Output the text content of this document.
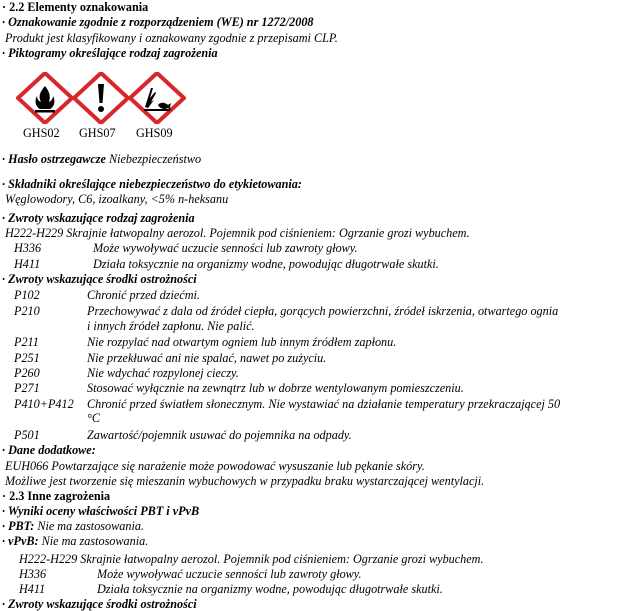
· 2.2 Elementy oznakowania
· Oznakowanie zgodnie z rozporządzeniem (WE) nr 1272/2008
Produkt jest klasyfikowany i oznakowany zgodnie z przepisami CLP.
· Piktogramy określające rodzaj zagrożenia
GHS02 GHS07 GHS09
· Hasło ostrzegawcze Niebezpieczeństwo
· Składniki określające niebezpieczeństwo do etykietowania:
Węglowodory, C6, izoalkany, <5% n-heksanu
· Zwroty wskazujące rodzaj zagrożenia
H222-H229 Skrajnie łatwopalny aerozol. Pojemnik pod ciśnieniem: Ogrzanie grozi wybuchem.
H336	Może wywoływać uczucie senności lub zawroty głowy.
H411	Działa toksycznie na organizmy wodne, powodując długotrwałe skutki.
· Zwroty wskazujące środki ostrożności
P102	Chronić przed dziećmi.
P210	Przechowywać z dala od źródeł ciepła, gorących powierzchni, źródeł iskrzenia, otwartego ognia
i innych źródeł zapłonu. Nie palić.
P211	Nie rozpylać nad otwartym ogniem lub innym źródłem zapłonu.
P251	Nie przekłuwać ani nie spalać, nawet po zużyciu.
P260	Nie wdychać rozpylonej cieczy.
P271	Stosować wyłącznie na zewnątrz lub w dobrze wentylowanym pomieszczeniu.
P410+P412 Chronić przed światłem słonecznym. Nie wystawiać na działanie temperatury przekraczającej 50
°C
P501	Zawartość/pojemnik usuwać do pojemnika na odpady.
· Dane dodatkowe:
EUH066 Powtarzające się narażenie może powodować wysuszanie lub pękanie skóry.
Możliwe jest tworzenie się mieszanin wybuchowych w przypadku braku wystarczającej wentylacji.
· 2.3 Inne zagrożenia
· Wyniki oceny właściwości PBT i vPvB
· PBT: Nie ma zastosowania.
· vPvB: Nie ma zastosowania.
H222-H229 Skrajnie łatwopalny aerozol. Pojemnik pod ciśnieniem: Ogrzanie grozi wybuchem.
H336	Może wywoływać uczucie senności lub zawroty głowy.
H411	Działa toksycznie na organizmy wodne, powodując długotrwałe skutki.
· Zwroty wskazujące środki ostrożności
